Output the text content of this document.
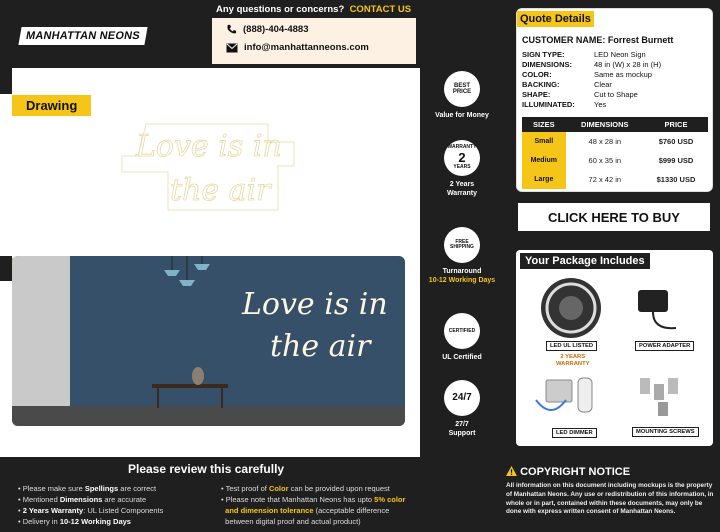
MANHATTAN NEONS
Any questions or concerns? CONTACT US
(888)-404-4883
info@manhattanneons.com
Drawing
Love is in
the air
Love is in
the air
BEST
PRICE
Value for Money
WARRANTY
2
YEARS
2 Years
Warranty
FREE
SHIPPING
Turnaround
10-12 Working Days
CERTIFIED
UL Certified
24/7
27/7
Support
Quote Details
CUSTOMER NAME: Forrest Burnett
SIGN TYPE:	LED Neon Sign
DIMENSIONS:	48 in (W) x 28 in (H)
COLOR:	Same as mockup
BACKING:	Clear
SHAPE:	Cut to Shape
ILLUMINATED:	Yes
SIZES	DIMENSIONS	PRICE
Small	48 x 28 in	$760 USD
Medium	60 x 35 in	$999 USD
Large	72 x 42 in	$1330 USD
CLICK HERE TO BUY
Your Package Includes
LED UL LISTED	POWER ADAPTER
2 YEARS
WARRANTY
LED DIMMER	MOUNTING SCREWS
Please review this carefully
• Please make sure Spellings are correct
• Mentioned Dimensions are accurate
• 2 Years Warranty: UL Listed Components
• Delivery in 10-12 Working Days
• Test proof of Color can be provided upon request
• Please note that Manhattan Neons has upto 5% color
and dimension tolerance (acceptable difference
between digital proof and actual product)
COPYRIGHT NOTICE
All information on this document including mockups is the property of Manhattan Neons. Any use or redistribution of this information, in whole or in part, contained within these documents, may only be done with express written consent of Manhattan Neons.
